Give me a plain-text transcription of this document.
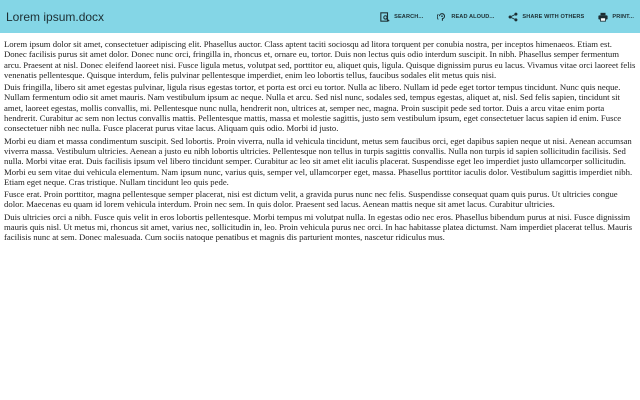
Lorem ipsum.docx	SEARCH...	READ ALOUD...	SHARE WITH OTHERS	PRINT...

Lorem ipsum dolor sit amet, consectetuer adipiscing elit. Phasellus auctor. Class aptent taciti sociosqu ad litora torquent per conubia nostra, per inceptos himenaeos. Etiam est. Donec facilisis purus sit amet dolor. Donec nunc orci, fringilla in, rhoncus et, ornare eu, tortor. Duis non lectus quis odio interdum suscipit. In nibh. Phasellus semper fermentum arcu. Praesent at nisl. Donec eleifend laoreet nisi. Fusce ligula metus, volutpat sed, porttitor eu, aliquet quis, ligula. Quisque dignissim purus eu lacus. Vivamus vitae orci laoreet felis venenatis pellentesque. Quisque interdum, felis pulvinar pellentesque imperdiet, enim leo lobortis tellus, faucibus sodales elit metus quis nisi.

Duis fringilla, libero sit amet egestas pulvinar, ligula risus egestas tortor, et porta est orci eu tortor. Nulla ac libero. Nullam id pede eget tortor tempus tincidunt. Nunc quis neque. Nullam fermentum odio sit amet mauris. Nam vestibulum ipsum ac neque. Nulla et arcu. Sed nisl nunc, sodales sed, tempus egestas, aliquet at, nisl. Sed felis sapien, tincidunt sit amet, laoreet egestas, mollis convallis, mi. Pellentesque nunc nulla, hendrerit non, ultrices at, semper nec, magna. Proin suscipit pede sed tortor. Duis a arcu vitae enim porta hendrerit. Curabitur ac sem non lectus convallis mattis. Pellentesque mattis, massa et molestie sagittis, justo sem vestibulum ipsum, eget consectetuer lacus sapien id enim. Fusce consectetuer nibh nec nulla. Fusce placerat purus vitae lacus. Aliquam quis odio. Morbi id justo.

Morbi eu diam et massa condimentum suscipit. Sed lobortis. Proin viverra, nulla id vehicula tincidunt, metus sem faucibus orci, eget dapibus sapien neque ut nisi. Aenean accumsan viverra massa. Vestibulum ultricies. Aenean a justo eu nibh lobortis ultricies. Pellentesque non tellus in turpis sagittis convallis. Nulla non turpis id sapien sollicitudin facilisis. Sed nulla. Morbi vitae erat. Duis facilisis ipsum vel libero tincidunt semper. Curabitur ac leo sit amet elit iaculis placerat. Suspendisse eget leo imperdiet justo ullamcorper sollicitudin. Morbi eu sem vitae dui vehicula elementum. Nam ipsum nunc, varius quis, semper vel, ullamcorper eget, massa. Phasellus porttitor iaculis dolor. Vestibulum sagittis imperdiet nibh. Etiam eget neque. Cras tristique. Nullam tincidunt leo quis pede.

Fusce erat. Proin porttitor, magna pellentesque semper placerat, nisi est dictum velit, a gravida purus nunc nec felis. Suspendisse consequat quam quis purus. Ut ultricies congue dolor. Maecenas eu quam id lorem vehicula interdum. Proin nec sem. In quis dolor. Praesent sed lacus. Aenean mattis neque sit amet lacus. Curabitur ultricies.

Duis ultricies orci a nibh. Fusce quis velit in eros lobortis pellentesque. Morbi tempus mi volutpat nulla. In egestas odio nec eros. Phasellus bibendum purus at nisi. Fusce dignissim mauris quis nisl. Ut metus mi, rhoncus sit amet, varius nec, sollicitudin in, leo. Proin vehicula purus nec orci. In hac habitasse platea dictumst. Nam imperdiet placerat tellus. Mauris facilisis nunc at sem. Donec malesuada. Cum sociis natoque penatibus et magnis dis parturient montes, nascetur ridiculus mus.
